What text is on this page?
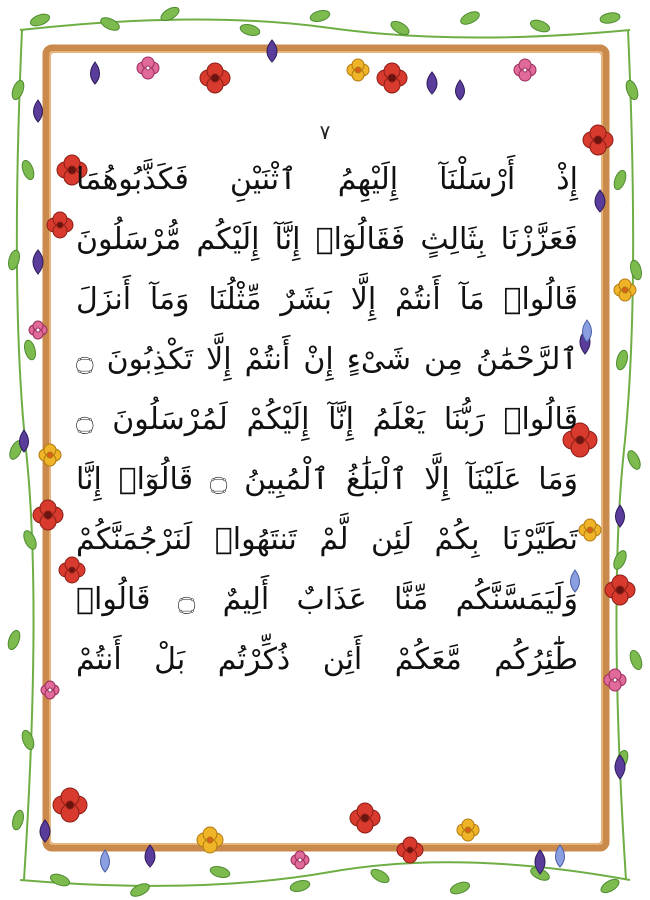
٧
إِذْ أَرْسَلْنَآ إِلَيْهِمُ ٱثْنَيْنِ فَكَذَّبُوهُمَا
فَعَزَّزْنَا بِثَالِثٍ فَقَالُوٓا۟ إِنَّآ إِلَيْكُم مُّرْسَلُونَ
قَالُوا۟ مَآ أَنتُمْ إِلَّا بَشَرٌ مِّثْلُنَا وَمَآ أَنزَلَ
ٱلرَّحْمَٰنُ مِن شَىْءٍ إِنْ أَنتُمْ إِلَّا تَكْذِبُونَ ۝
قَالُوا۟ رَبُّنَا يَعْلَمُ إِنَّآ إِلَيْكُمْ لَمُرْسَلُونَ ۝
وَمَا عَلَيْنَآ إِلَّا ٱلْبَلَٰغُ ٱلْمُبِينُ ۝ قَالُوٓا۟ إِنَّا
تَطَيَّرْنَا بِكُمْ لَئِن لَّمْ تَنتَهُوا۟ لَنَرْجُمَنَّكُمْ
وَلَيَمَسَّنَّكُم مِّنَّا عَذَابٌ أَلِيمٌ ۝ قَالُوا۟
طَٰٓئِرُكُم مَّعَكُمْ أَئِن ذُكِّرْتُم بَلْ أَنتُمْ
